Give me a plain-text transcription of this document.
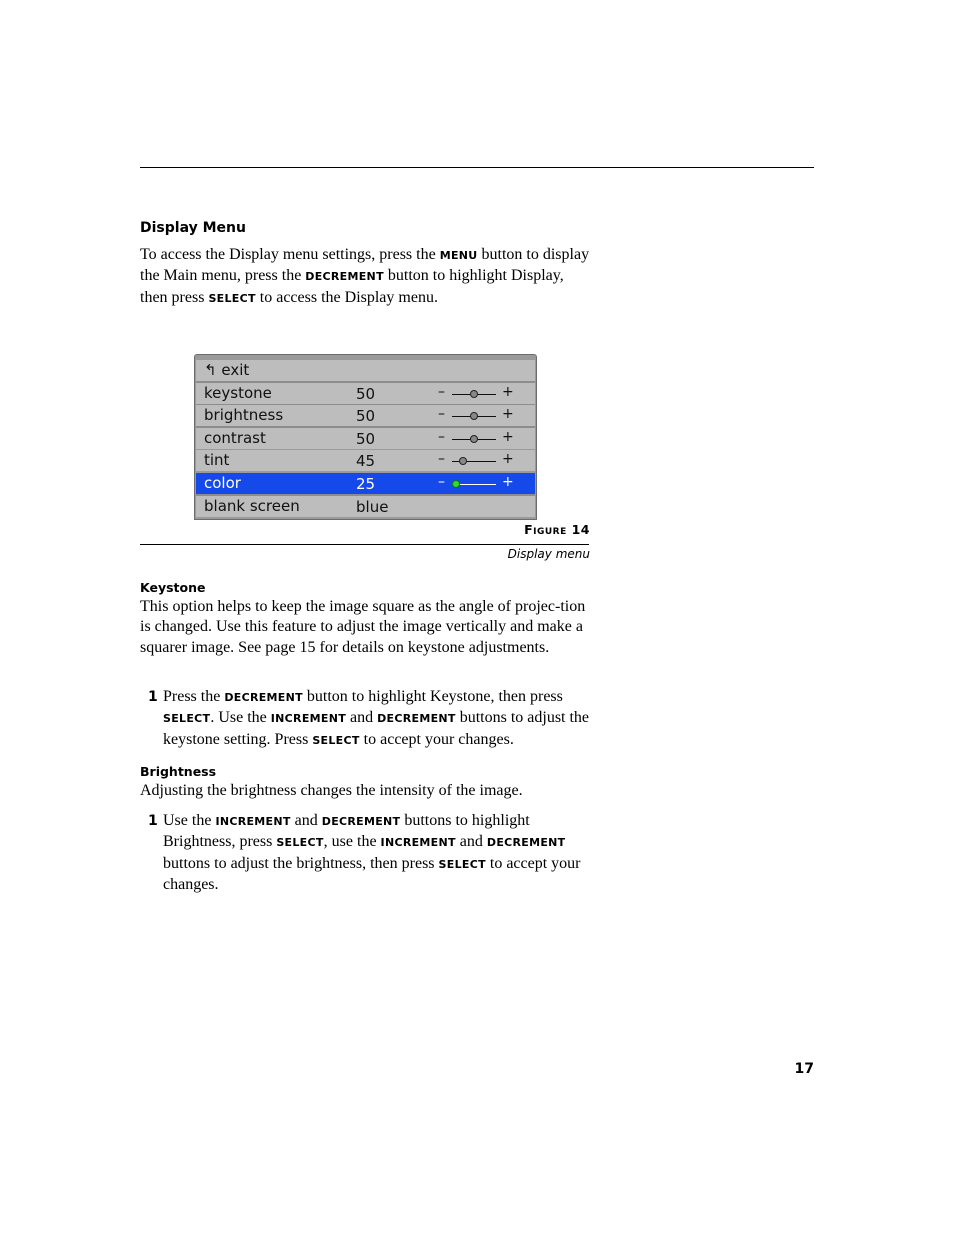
Display Menu
To access the Display menu settings, press the MENU button to display the Main menu, press the DECREMENT button to highlight Display, then press SELECT to access the Display menu.
↰ exit
keystone	50	–	+
brightness	50	–	+
contrast	50	–	+
tint	45	–	+
color	25	–	+
blank screen	blue
Figure 14
Display menu
Keystone
This option helps to keep the image square as the angle of projec-tion is changed. Use this feature to adjust the image vertically and make a squarer image. See page 15 for details on keystone adjustments.
1 Press the DECREMENT button to highlight Keystone, then press SELECT. Use the INCREMENT and DECREMENT buttons to adjust the keystone setting. Press SELECT to accept your changes.
Brightness
Adjusting the brightness changes the intensity of the image.
1 Use the INCREMENT and DECREMENT buttons to highlight Brightness, press SELECT, use the INCREMENT and DECREMENT buttons to adjust the brightness, then press SELECT to accept your changes.
17
